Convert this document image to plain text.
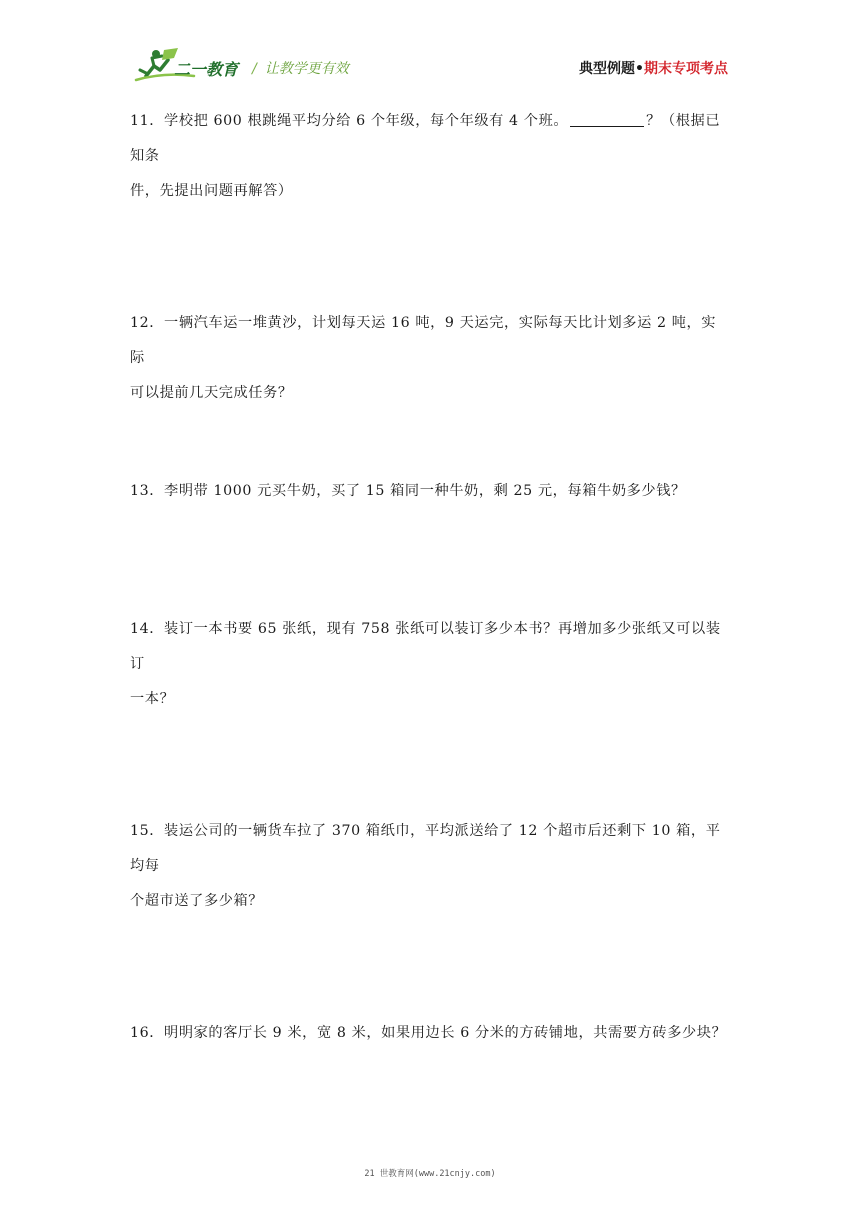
二一教育 / 让教学更有效	典型例题•期末专项考点
11．学校把 600 根跳绳平均分给 6 个年级，每个年级有 4 个班。	？（根据已知条
件，先提出问题再解答）
12．一辆汽车运一堆黄沙，计划每天运 16 吨，9 天运完，实际每天比计划多运 2 吨，实际
可以提前几天完成任务？
13．李明带 1000 元买牛奶，买了 15 箱同一种牛奶，剩 25 元，每箱牛奶多少钱？
14．装订一本书要 65 张纸，现有 758 张纸可以装订多少本书？再增加多少张纸又可以装订
一本？
15．装运公司的一辆货车拉了 370 箱纸巾，平均派送给了 12 个超市后还剩下 10 箱，平均每
个超市送了多少箱？
16．明明家的客厅长 9 米，宽 8 米，如果用边长 6 分米的方砖铺地，共需要方砖多少块？
21 世教育网(www.21cnjy.com)
